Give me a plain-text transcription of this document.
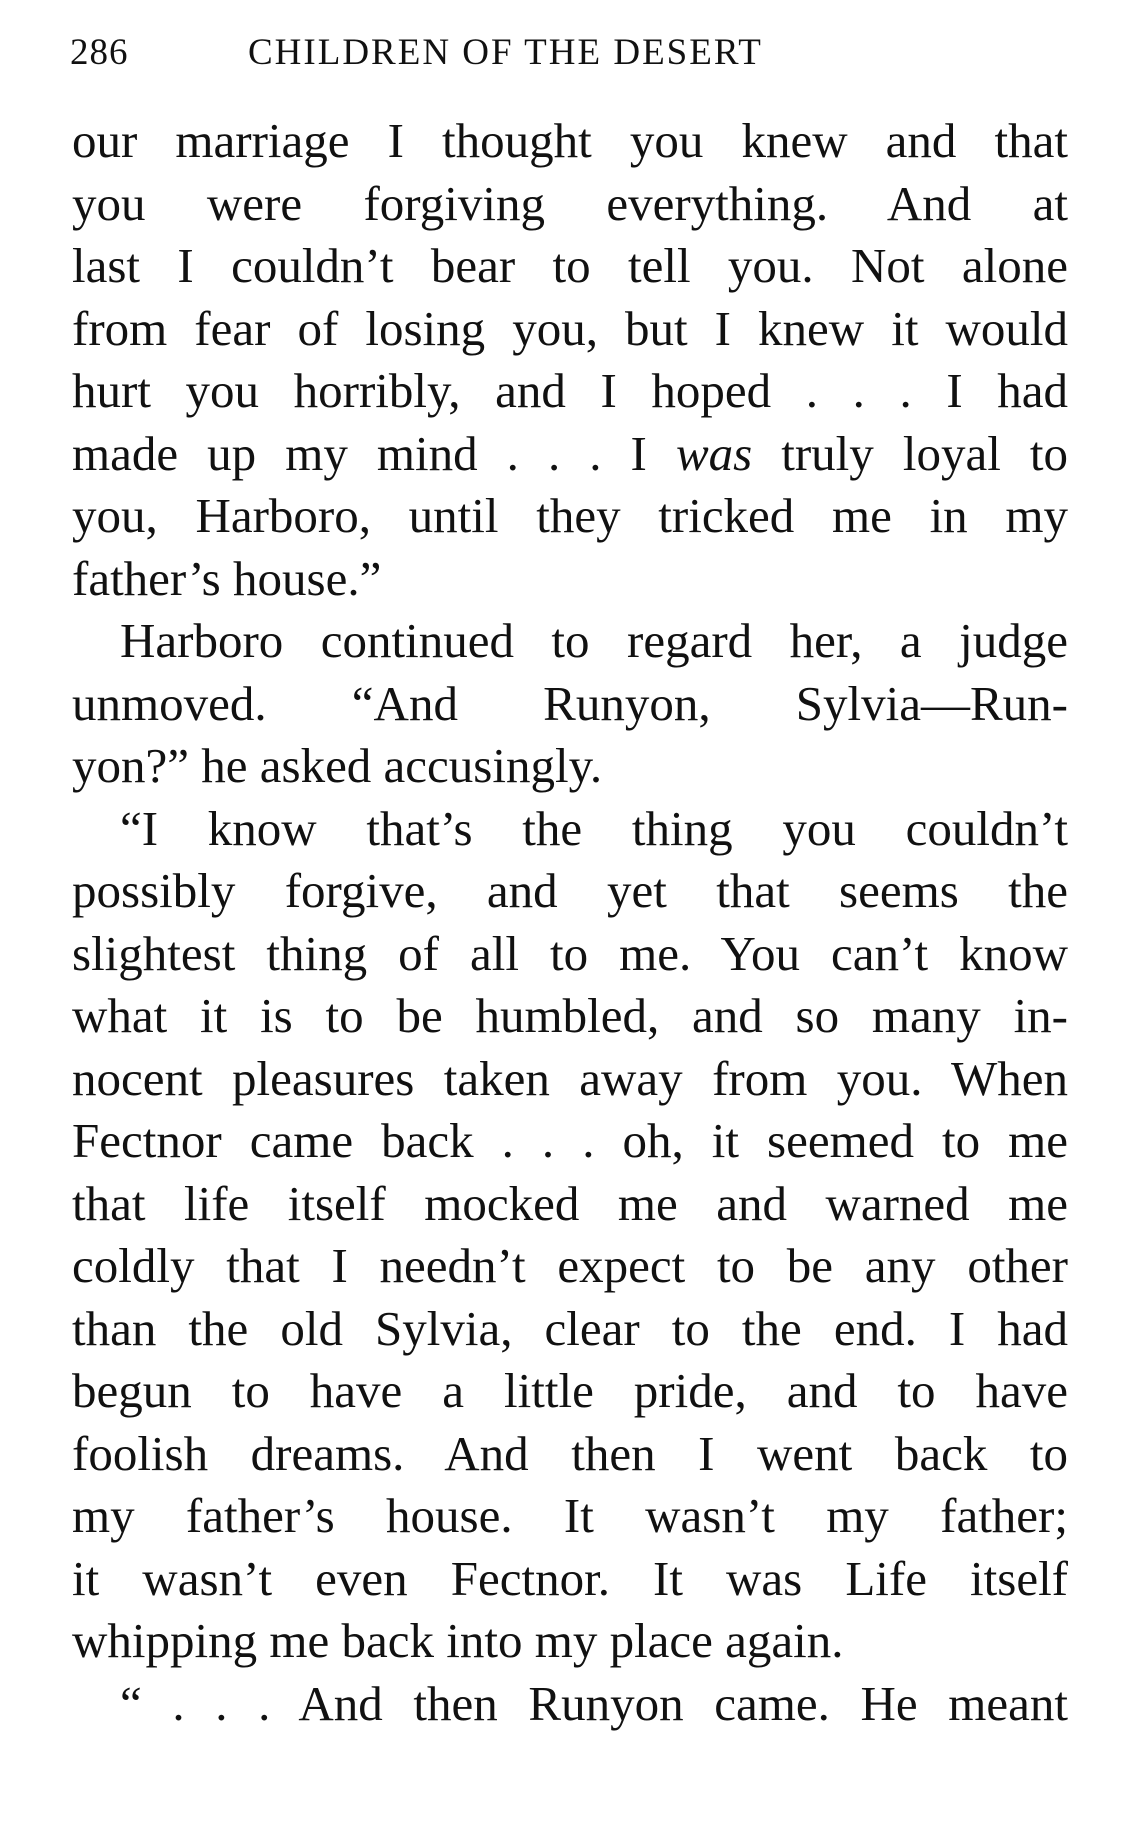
286	CHILDREN OF THE DESERT
our marriage I thought you knew and that
you were forgiving everything. And at
last I couldn’t bear to tell you. Not alone
from fear of losing you, but I knew it would
hurt you horribly, and I hoped . . . I had
made up my mind . . . I was truly loyal to
you, Harboro, until they tricked me in my
father’s house.”
Harboro continued to regard her, a judge
unmoved. “And Runyon, Sylvia—Run-
yon?” he asked accusingly.
“I know that’s the thing you couldn’t
possibly forgive, and yet that seems the
slightest thing of all to me. You can’t know
what it is to be humbled, and so many in-
nocent pleasures taken away from you. When
Fectnor came back . . . oh, it seemed to me
that life itself mocked me and warned me
coldly that I needn’t expect to be any other
than the old Sylvia, clear to the end. I had
begun to have a little pride, and to have
foolish dreams. And then I went back to
my father’s house. It wasn’t my father;
it wasn’t even Fectnor. It was Life itself
whipping me back into my place again.
“ . . . And then Runyon came. He meant
